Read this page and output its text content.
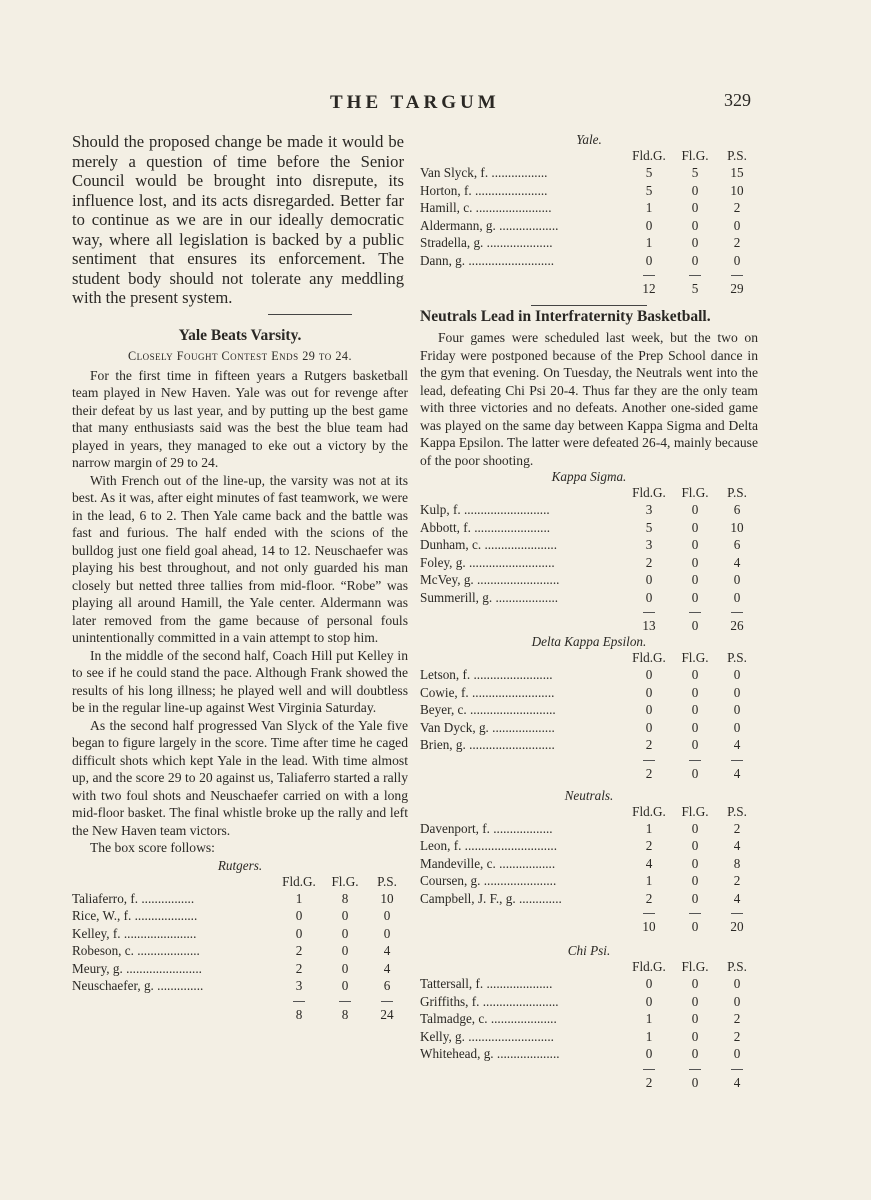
THE TARGUM	329

Should the proposed change be made it would be merely a question of time before the Senior Council would be brought into disrepute, its influence lost, and its acts disregarded. Better far to continue as we are in our ideally democratic way, where all legislation is backed by a public sentiment that ensures its enforcement. The student body should not tolerate any meddling with the present system.

Yale Beats Varsity.
Closely Fought Contest Ends 29 to 24.

For the first time in fifteen years a Rutgers basketball team played in New Haven. Yale was out for revenge after their defeat by us last year, and by putting up the best game that many enthusiasts said was the best the blue team had played in years, they managed to eke out a victory by the narrow margin of 29 to 24.

With French out of the line-up, the varsity was not at its best. As it was, after eight minutes of fast teamwork, we were in the lead, 6 to 2. Then Yale came back and the battle was fast and furious. The half ended with the scions of the bulldog just one field goal ahead, 14 to 12. Neuschaefer was playing his best throughout, and not only guarded his man closely but netted three tallies from mid-floor. “Robe” was playing all around Hamill, the Yale center. Aldermann was later removed from the game because of personal fouls unintentionally committed in a vain attempt to stop him.

In the middle of the second half, Coach Hill put Kelley in to see if he could stand the pace. Although Frank showed the results of his long illness; he played well and will doubtless be in the regular line-up against West Virginia Saturday.

As the second half progressed Van Slyck of the Yale five began to figure largely in the score. Time after time he caged difficult shots which kept Yale in the lead. With time almost up, and the score 29 to 20 against us, Taliaferro started a rally with two foul shots and Neuschaefer carried on with a long mid-floor basket. The final whistle broke up the rally and left the New Haven team victors.

The box score follows:

Rutgers.
Fld.G.	Fl.G.	P.S.
Taliaferro, f. ................	1	8	10
Rice, W., f. ...................	0	0	0
Kelley, f. ......................	0	0	0
Robeson, c. ...................	2	0	4
Meury, g. .......................	2	0	4
Neuschaefer, g. ..............	3	0	6
8	8	24
Yale.
Fld.G.	Fl.G.	P.S.
Van Slyck, f. .................	5	5	15
Horton, f. ......................	5	0	10
Hamill, c. .......................	1	0	2
Aldermann, g. ..................	0	0	0
Stradella, g. ....................	1	0	2
Dann, g. ..........................	0	0	0
12	5	29
Neutrals Lead in Interfraternity Basketball.

Four games were scheduled last week, but the two on Friday were postponed because of the Prep School dance in the gym that evening. On Tuesday, the Neutrals went into the lead, defeating Chi Psi 20-4. Thus far they are the only team with three victories and no defeats. Another one-sided game was played on the same day between Kappa Sigma and Delta Kappa Epsilon. The latter were defeated 26-4, mainly because of the poor shooting.

Kappa Sigma.
Fld.G.	Fl.G.	P.S.
Kulp, f. ..........................	3	0	6
Abbott, f. .......................	5	0	10
Dunham, c. ......................	3	0	6
Foley, g. ..........................	2	0	4
McVey, g. .........................	0	0	0
Summerill, g. ...................	0	0	0
13	0	26
Delta Kappa Epsilon.
Fld.G.	Fl.G.	P.S.
Letson, f. ........................	0	0	0
Cowie, f. .........................	0	0	0
Beyer, c. ..........................	0	0	0
Van Dyck, g. ...................	0	0	0
Brien, g. ..........................	2	0	4
2	0	4
Neutrals.
Fld.G.	Fl.G.	P.S.
Davenport, f. ..................	1	0	2
Leon, f. ............................	2	0	4
Mandeville, c. .................	4	0	8
Coursen, g. ......................	1	0	2
Campbell, J. F., g. .............	2	0	4
10	0	20
Chi Psi.
Fld.G.	Fl.G.	P.S.
Tattersall, f. ....................	0	0	0
Griffiths, f. .......................	0	0	0
Talmadge, c. ....................	1	0	2
Kelly, g. ..........................	1	0	2
Whitehead, g. ...................	0	0	0
2	0	4
